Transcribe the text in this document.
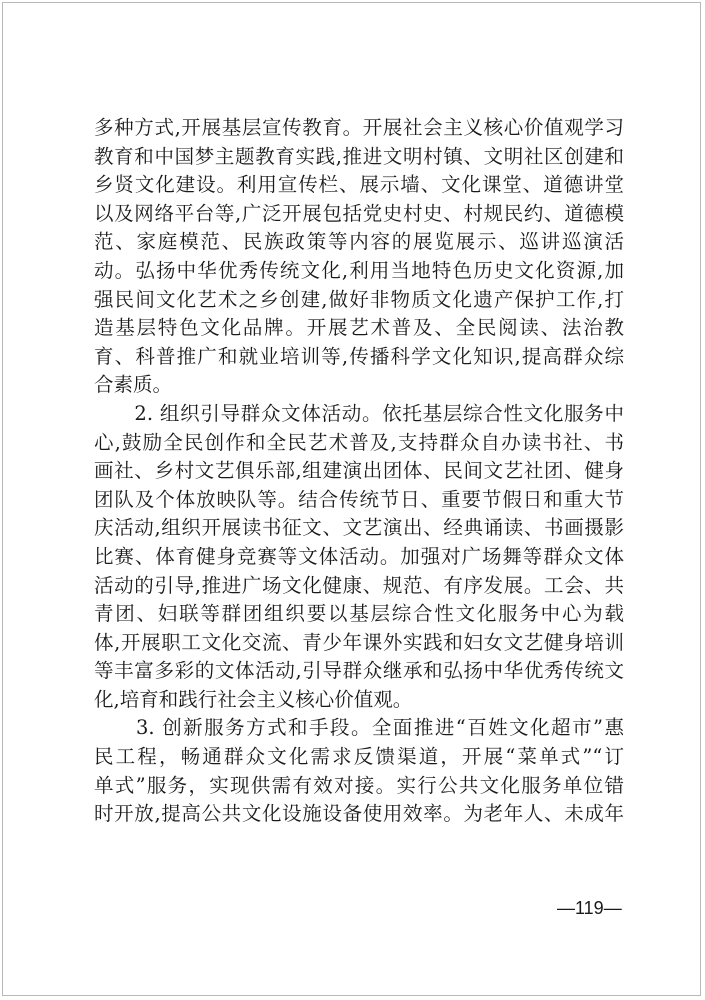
多种方式,开展基层宣传教育。开展社会主义核心价值观学习
教育和中国梦主题教育实践,推进文明村镇、文明社区创建和
乡贤文化建设。利用宣传栏、展示墙、文化课堂、道德讲堂
以及网络平台等,广泛开展包括党史村史、村规民约、道德模
范、家庭模范、民族政策等内容的展览展示、巡讲巡演活
动。弘扬中华优秀传统文化,利用当地特色历史文化资源,加
强民间文化艺术之乡创建,做好非物质文化遗产保护工作,打
造基层特色文化品牌。开展艺术普及、全民阅读、法治教
育、科普推广和就业培训等,传播科学文化知识,提高群众综
合素质。
　　2. 组织引导群众文体活动。依托基层综合性文化服务中
心,鼓励全民创作和全民艺术普及,支持群众自办读书社、书
画社、乡村文艺俱乐部,组建演出团体、民间文艺社团、健身
团队及个体放映队等。结合传统节日、重要节假日和重大节
庆活动,组织开展读书征文、文艺演出、经典诵读、书画摄影
比赛、体育健身竞赛等文体活动。加强对广场舞等群众文体
活动的引导,推进广场文化健康、规范、有序发展。工会、共
青团、妇联等群团组织要以基层综合性文化服务中心为载
体,开展职工文化交流、青少年课外实践和妇女文艺健身培训
等丰富多彩的文体活动,引导群众继承和弘扬中华优秀传统文
化,培育和践行社会主义核心价值观。
　　3. 创新服务方式和手段。全面推进“百姓文化超市”惠
民工程，畅通群众文化需求反馈渠道，开展“菜单式”“订
单式”服务，实现供需有效对接。实行公共文化服务单位错
时开放,提高公共文化设施设备使用效率。为老年人、未成年
—119—
